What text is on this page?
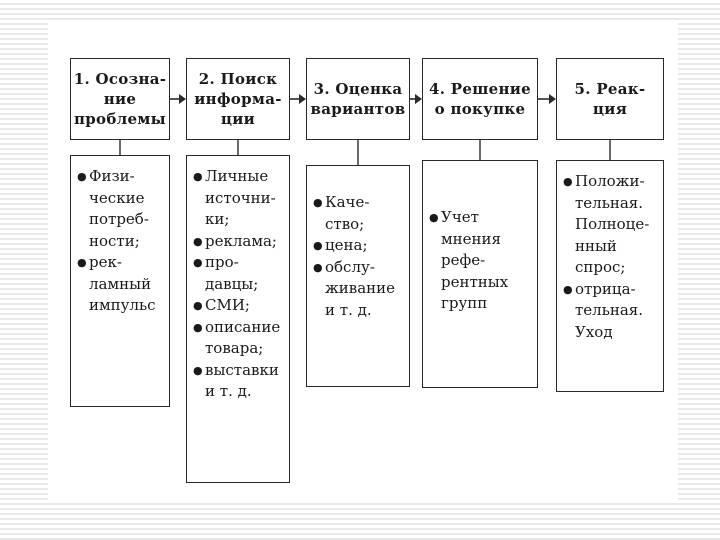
1. Осозна-
ние
проблемы
● Физи-
ческие
потреб-
ности;
● рек-
ламный
импульс
2. Поиск
информа-
ции
● Личные
источни-
ки;
● реклама;
● про-
давцы;
● СМИ;
● описание
товара;
● выставки
и т. д.
3. Оценка
вариантов
● Каче-
ство;
● цена;
● обслу-
живание
и т. д.
4. Решение
о покупке
● Учет
мнения
рефе-
рентных
групп
5. Реак-
ция
● Положи-
тельная.
Полноце-
нный
спрос;
● отрица-
тельная.
Уход
